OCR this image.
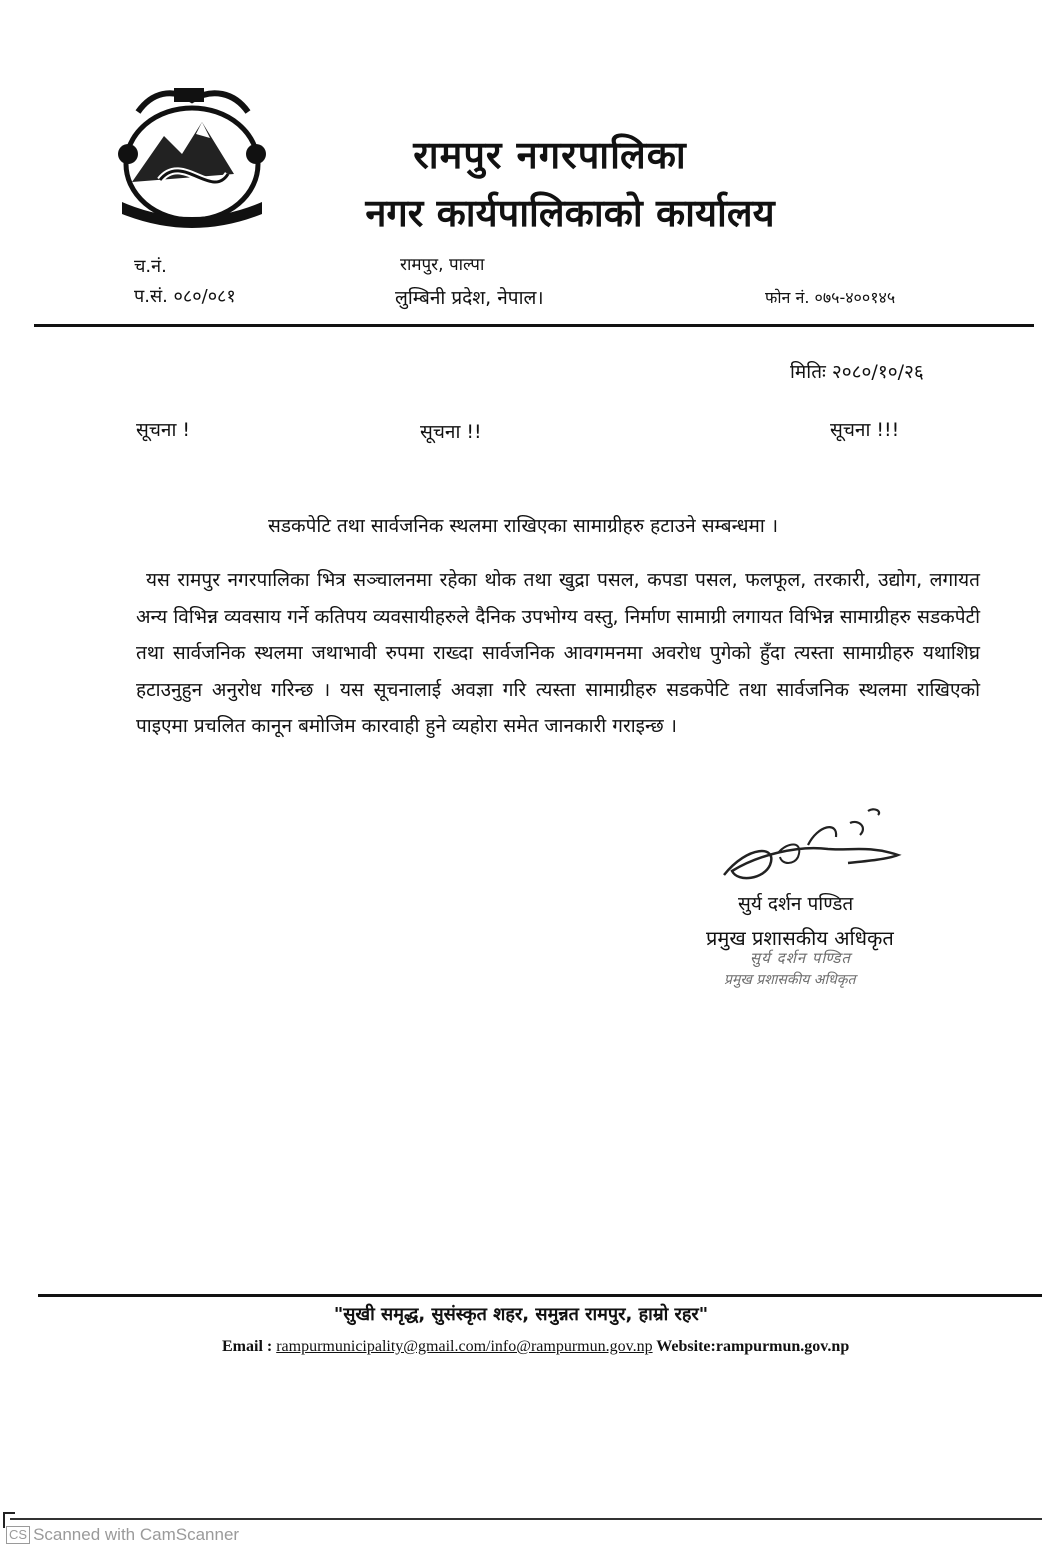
रामपुर नगरपालिका
नगर कार्यपालिकाको कार्यालय
रामपुर, पाल्पा
लुम्बिनी प्रदेश, नेपाल।
च.नं.
प.सं. ०८०/०८१	फोन नं. ०७५-४००१४५
मितिः २०८०/१०/२६
सूचना !	सूचना !!	सूचना !!!
सडकपेटि तथा सार्वजनिक स्थलमा राखिएका सामाग्रीहरु हटाउने सम्बन्धमा ।
यस रामपुर नगरपालिका भित्र सञ्चालनमा रहेका थोक तथा खुद्रा पसल, कपडा पसल, फलफूल, तरकारी, उद्योग, लगायत अन्य विभिन्न व्यवसाय गर्ने कतिपय व्यवसायीहरुले दैनिक उपभोग्य वस्तु, निर्माण सामाग्री लगायत विभिन्न सामाग्रीहरु सडकपेटी तथा सार्वजनिक स्थलमा जथाभावी रुपमा राख्दा सार्वजनिक आवगमनमा अवरोध पुगेको हुँदा त्यस्ता सामाग्रीहरु यथाशिघ्र हटाउनुहुन अनुरोध गरिन्छ । यस सूचनालाई अवज्ञा गरि त्यस्ता सामाग्रीहरु सडकपेटि तथा सार्वजनिक स्थलमा राखिएको पाइएमा प्रचलित कानून बमोजिम कारवाही हुने व्यहोरा समेत जानकारी गराइन्छ ।
सुर्य दर्शन पण्डित
प्रमुख प्रशासकीय अधिकृत
सुर्य दर्शन पण्डित
प्रमुख प्रशासकीय अधिकृत
"सुखी समृद्ध, सुसंस्कृत शहर, समुन्नत रामपुर, हाम्रो रहर"
Email : rampurmunicipality@gmail.com/info@rampurmun.gov.np Website:rampurmun.gov.np
CS Scanned with CamScanner
